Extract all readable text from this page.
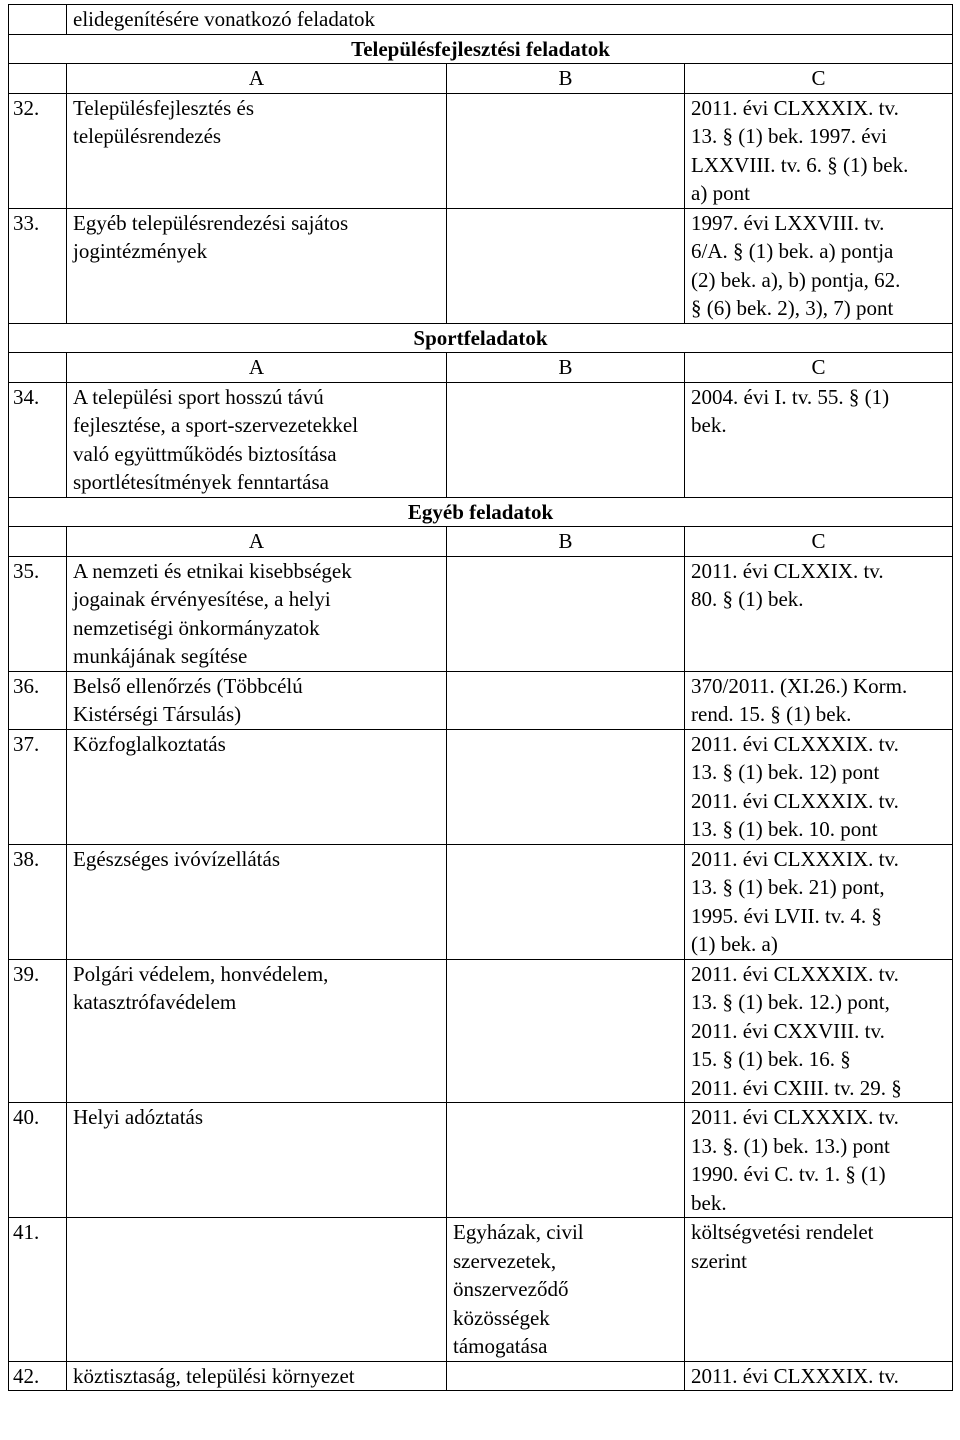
	elidegenítésére vonatkozó feladatok		
Településfejlesztési feladatok			
	A	B	C
32.	Településfejlesztés és
településrendezés		2011. évi CLXXXIX. tv.
13. § (1) bek. 1997. évi
LXXVIII. tv. 6. § (1) bek.
a) pont
33.	Egyéb településrendezési sajátos
jogintézmények		1997. évi LXXVIII. tv.
6/A. § (1) bek. a) pontja
(2) bek. a), b) pontja, 62.
§ (6) bek. 2), 3), 7) pont
Sportfeladatok			
	A	B	C
34.	A települési sport hosszú távú
fejlesztése, a sport-szervezetekkel
való együttműködés biztosítása
sportlétesítmények fenntartása		2004. évi I. tv. 55. § (1)
bek.
Egyéb feladatok			
	A	B	C
35.	A nemzeti és etnikai kisebbségek
jogainak érvényesítése, a helyi
nemzetiségi önkormányzatok
munkájának segítése		2011. évi CLXXIX. tv.
80. § (1) bek.
36.	Belső ellenőrzés (Többcélú
Kistérségi Társulás)		370/2011. (XI.26.) Korm.
rend. 15. § (1) bek.
37.	Közfoglalkoztatás		2011. évi CLXXXIX. tv.
13. § (1) bek. 12) pont
2011. évi CLXXXIX. tv.
13. § (1) bek. 10. pont
38.	Egészséges ivóvízellátás		2011. évi CLXXXIX. tv.
13. § (1) bek. 21) pont,
1995. évi LVII. tv. 4. §
(1) bek. a)
39.	Polgári védelem, honvédelem,
katasztrófavédelem		2011. évi CLXXXIX. tv.
13. § (1) bek. 12.) pont,
2011. évi CXXVIII. tv.
15. § (1) bek. 16. §
2011. évi CXIII. tv. 29. §

40.	Helyi adóztatás		2011. évi CLXXXIX. tv.
13. §. (1) bek. 13.) pont
1990. évi C. tv. 1. § (1)
bek.

41.		Egyházak, civil
szervezetek,
önszerveződő
közösségek
támogatása	költségvetési rendelet
szerint
42.	köztisztaság, települési környezet		2011. évi CLXXXIX. tv.
